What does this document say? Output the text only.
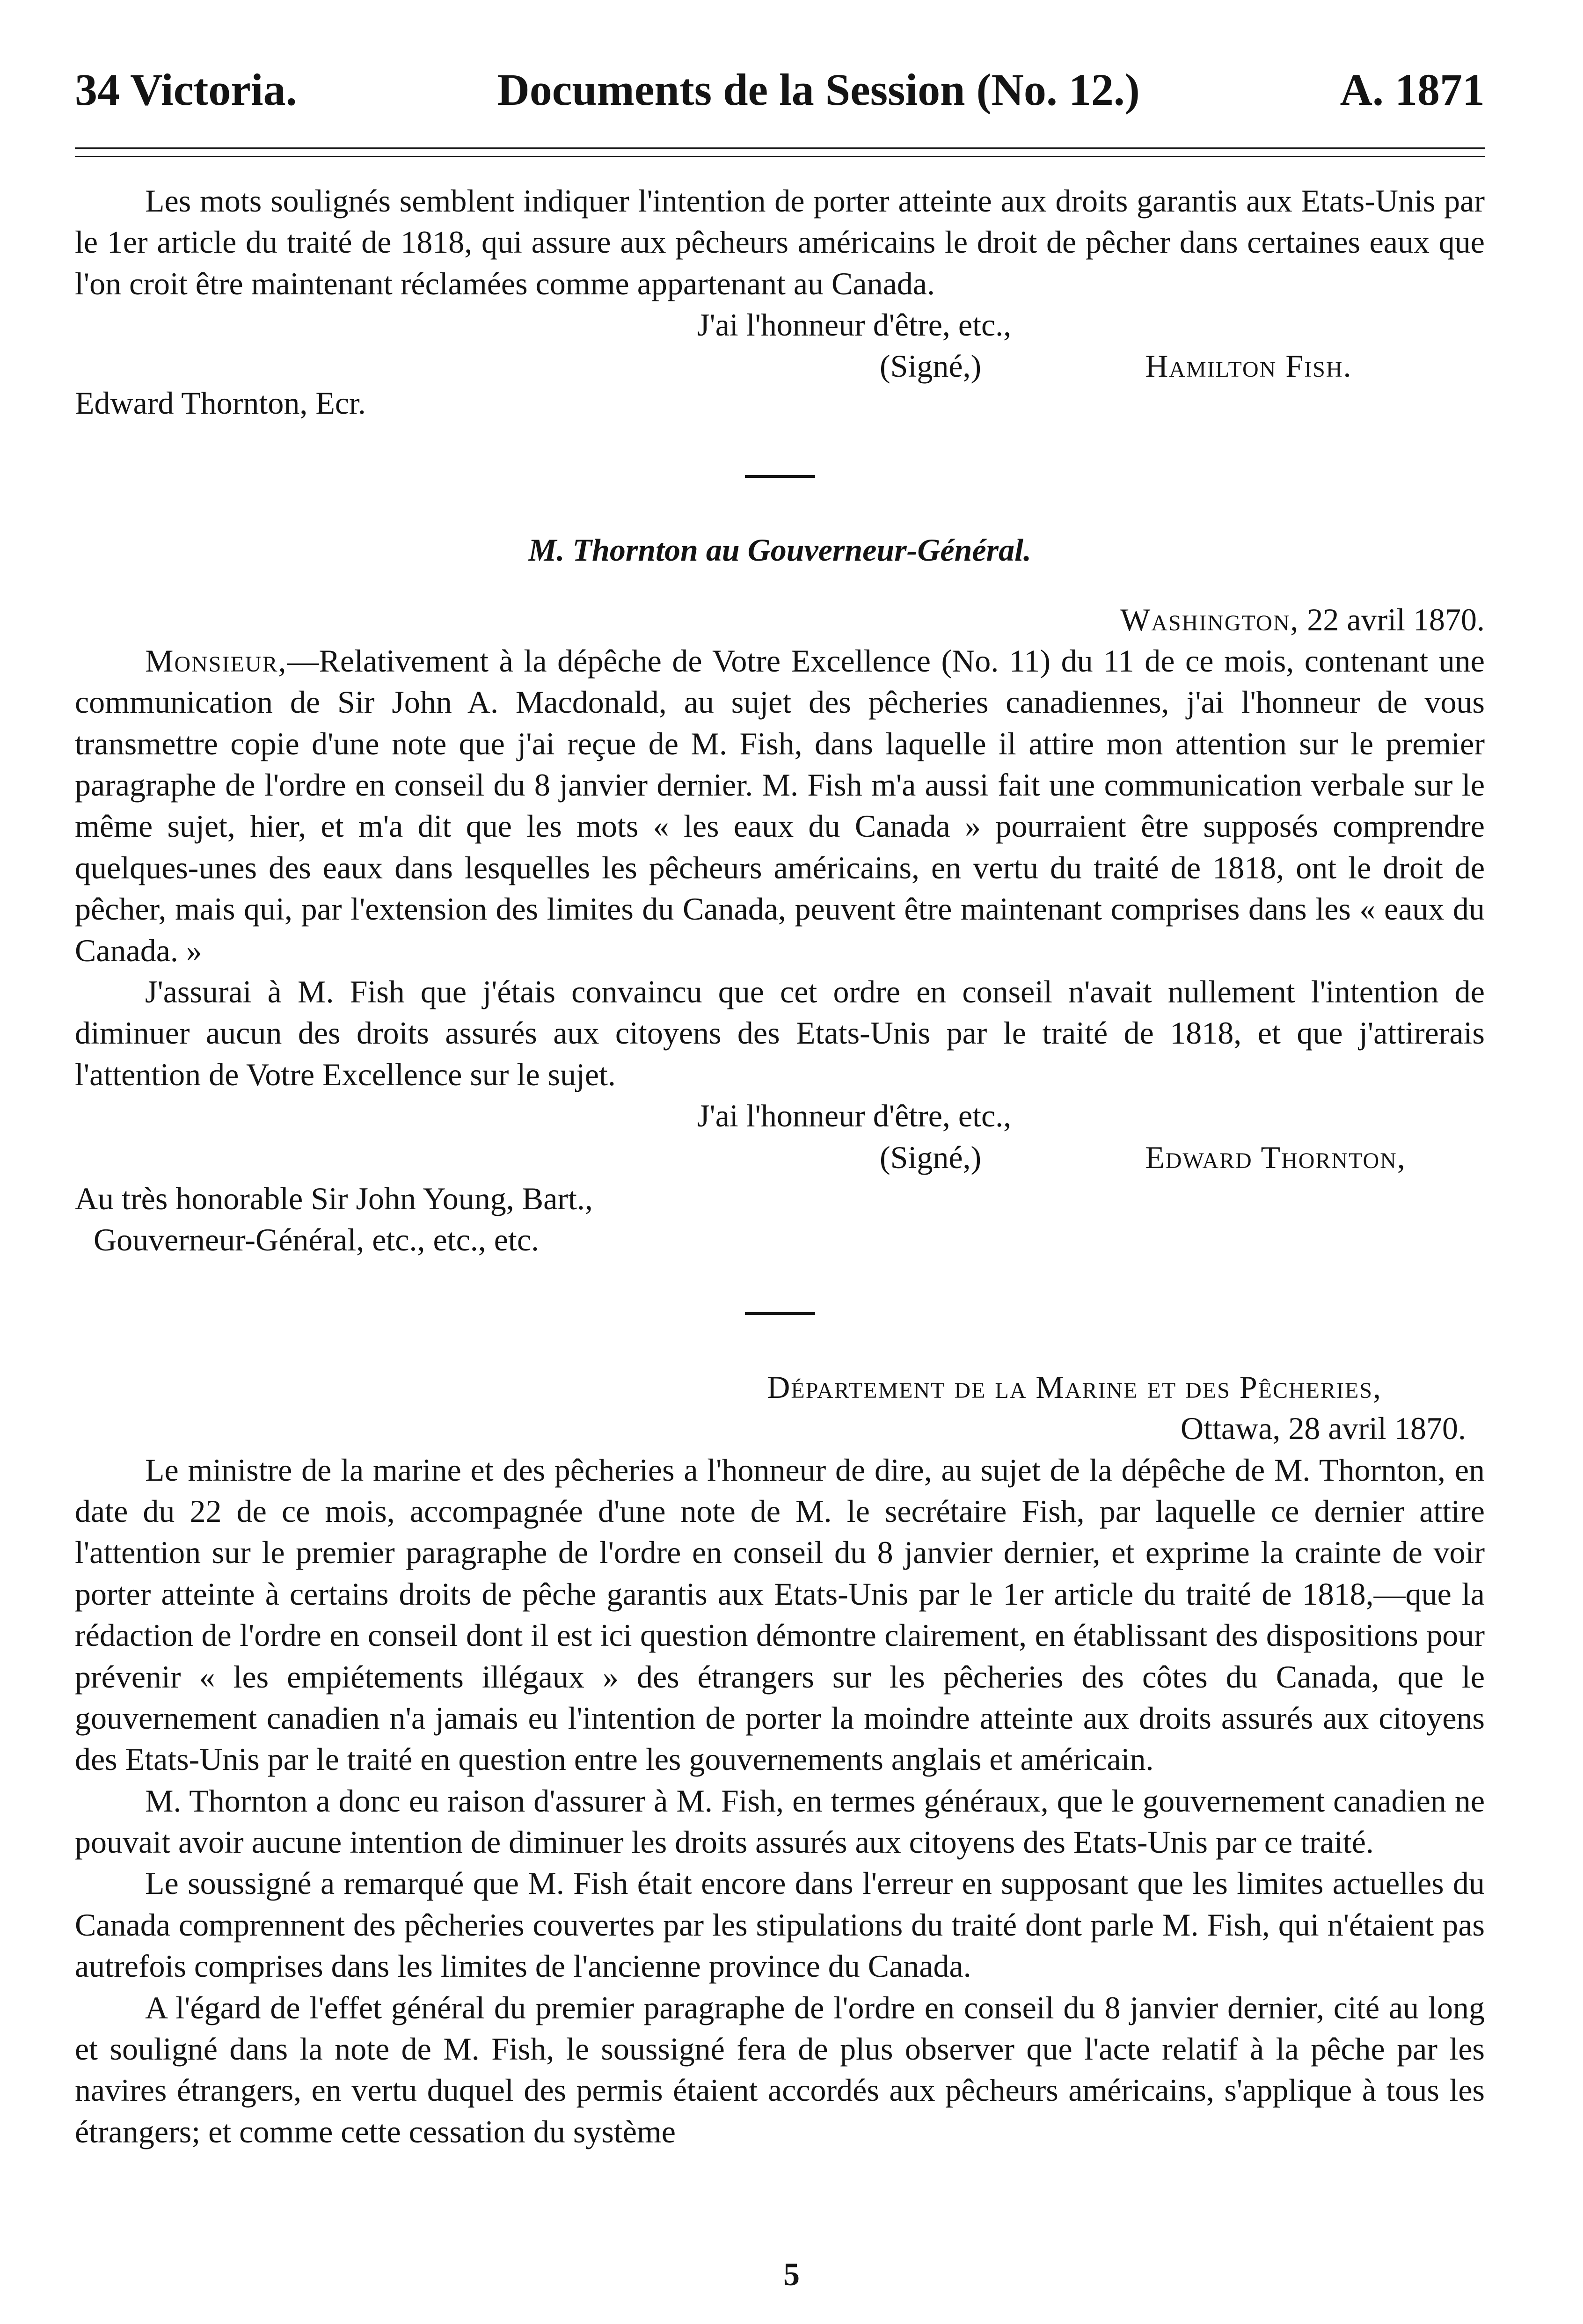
34 Victoria.	Documents de la Session (No. 12.)	A. 1871

Les mots soulignés semblent indiquer l'intention de porter atteinte aux droits garantis aux Etats-Unis par le 1er article du traité de 1818, qui assure aux pêcheurs américains le droit de pêcher dans certaines eaux que l'on croit être maintenant réclamées comme appartenant au Canada.

J'ai l'honneur d'être, etc.,

(Signé,)	Hamilton Fish.

Edward Thornton, Ecr.

M. Thornton au Gouverneur-Général.

Washington, 22 avril 1870.

Monsieur,—Relativement à la dépêche de Votre Excellence (No. 11) du 11 de ce mois, contenant une communication de Sir John A. Macdonald, au sujet des pêcheries canadiennes, j'ai l'honneur de vous transmettre copie d'une note que j'ai reçue de M. Fish, dans laquelle il attire mon attention sur le premier paragraphe de l'ordre en conseil du 8 janvier dernier. M. Fish m'a aussi fait une communication verbale sur le même sujet, hier, et m'a dit que les mots « les eaux du Canada » pourraient être supposés comprendre quelques-unes des eaux dans lesquelles les pêcheurs américains, en vertu du traité de 1818, ont le droit de pêcher, mais qui, par l'extension des limites du Canada, peuvent être maintenant comprises dans les « eaux du Canada. »

J'assurai à M. Fish que j'étais convaincu que cet ordre en conseil n'avait nullement l'intention de diminuer aucun des droits assurés aux citoyens des Etats-Unis par le traité de 1818, et que j'attirerais l'attention de Votre Excellence sur le sujet.

J'ai l'honneur d'être, etc.,

(Signé,)	Edward Thornton,

Au très honorable Sir John Young, Bart.,

Gouverneur-Général, etc., etc., etc.

Département de la Marine et des Pêcheries,

Ottawa, 28 avril 1870.

Le ministre de la marine et des pêcheries a l'honneur de dire, au sujet de la dépêche de M. Thornton, en date du 22 de ce mois, accompagnée d'une note de M. le secrétaire Fish, par laquelle ce dernier attire l'attention sur le premier paragraphe de l'ordre en conseil du 8 janvier dernier, et exprime la crainte de voir porter atteinte à certains droits de pêche garantis aux Etats-Unis par le 1er article du traité de 1818,—que la rédaction de l'ordre en conseil dont il est ici question démontre clairement, en établissant des dispositions pour prévenir « les empiétements illégaux » des étrangers sur les pêcheries des côtes du Canada, que le gouvernement canadien n'a jamais eu l'intention de porter la moindre atteinte aux droits assurés aux citoyens des Etats-Unis par le traité en question entre les gouvernements anglais et américain.

M. Thornton a donc eu raison d'assurer à M. Fish, en termes généraux, que le gouvernement canadien ne pouvait avoir aucune intention de diminuer les droits assurés aux citoyens des Etats-Unis par ce traité.

Le soussigné a remarqué que M. Fish était encore dans l'erreur en supposant que les limites actuelles du Canada comprennent des pêcheries couvertes par les stipulations du traité dont parle M. Fish, qui n'étaient pas autrefois comprises dans les limites de l'ancienne province du Canada.

A l'égard de l'effet général du premier paragraphe de l'ordre en conseil du 8 janvier dernier, cité au long et souligné dans la note de M. Fish, le soussigné fera de plus observer que l'acte relatif à la pêche par les navires étrangers, en vertu duquel des permis étaient accordés aux pêcheurs américains, s'applique à tous les étrangers; et comme cette cessation du système

5
